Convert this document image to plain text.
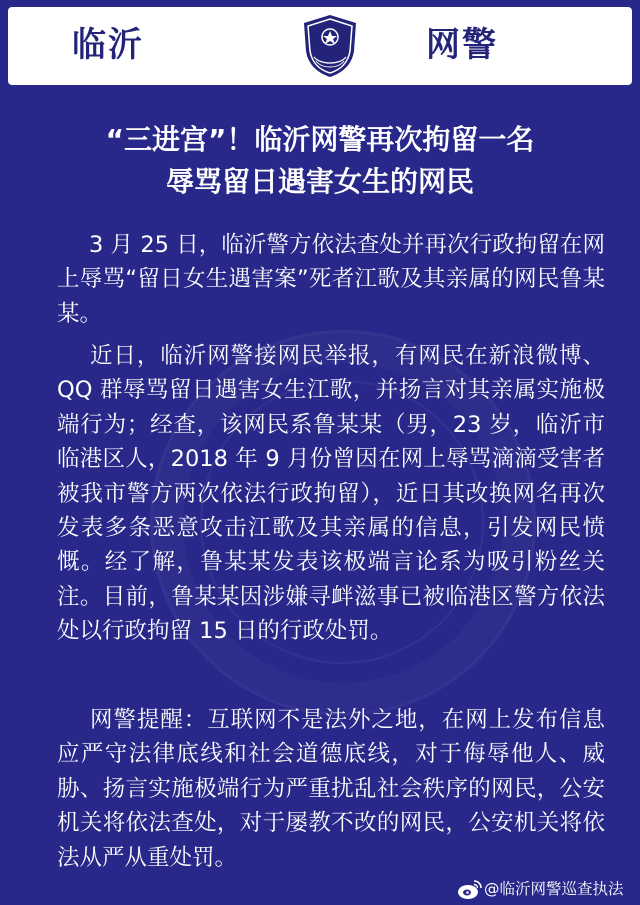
临沂	网警
“三进宫”！临沂网警再次拘留一名
辱骂留日遇害女生的网民

3 月 25 日，临沂警方依法查处并再次行政拘留在网上辱骂“留日女生遇害案”死者江歌及其亲属的网民鲁某某。

近日，临沂网警接网民举报，有网民在新浪微博、QQ 群辱骂留日遇害女生江歌，并扬言对其亲属实施极端行为；经查，该网民系鲁某某（男，23 岁，临沂市临港区人，2018 年 9 月份曾因在网上辱骂滴滴受害者被我市警方两次依法行政拘留），近日其改换网名再次发表多条恶意攻击江歌及其亲属的信息，引发网民愤慨。经了解，鲁某某发表该极端言论系为吸引粉丝关注。目前，鲁某某因涉嫌寻衅滋事已被临港区警方依法处以行政拘留 15 日的行政处罚。

网警提醒：互联网不是法外之地，在网上发布信息应严守法律底线和社会道德底线，对于侮辱他人、威胁、扬言实施极端行为严重扰乱社会秩序的网民，公安机关将依法查处，对于屡教不改的网民，公安机关将依法从严从重处罚。

@临沂网警巡查执法
